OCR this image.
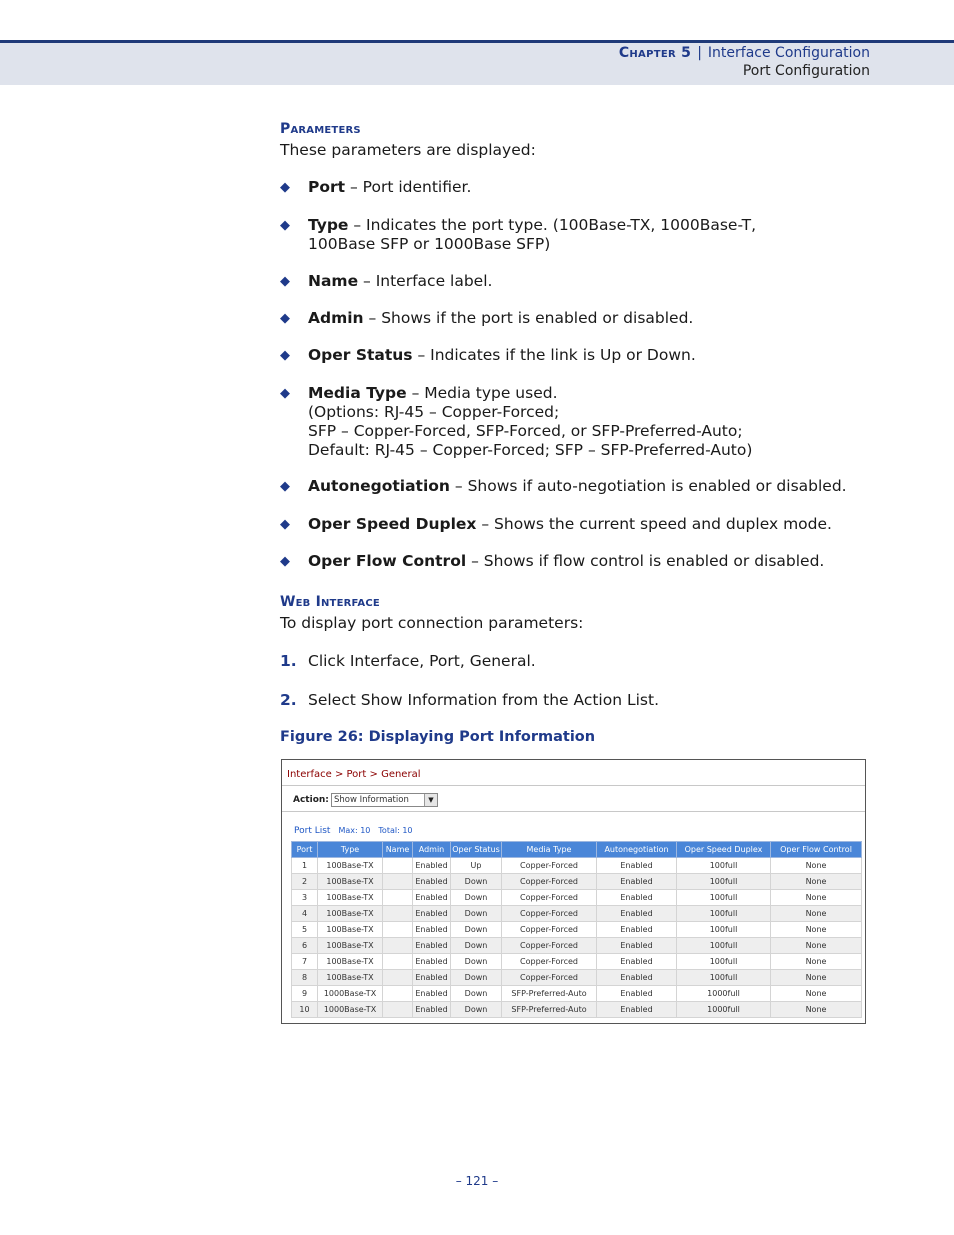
Chapter 5 | Interface Configuration
Port Configuration
Parameters
These parameters are displayed:
◆ Port – Port identifier.
◆ Type – Indicates the port type. (100Base-TX, 1000Base-T,
100Base SFP or 1000Base SFP)
◆ Name – Interface label.
◆ Admin – Shows if the port is enabled or disabled.
◆ Oper Status – Indicates if the link is Up or Down.
◆ Media Type – Media type used.
(Options: RJ-45 – Copper-Forced;
SFP – Copper-Forced, SFP-Forced, or SFP-Preferred-Auto;
Default: RJ-45 – Copper-Forced; SFP – SFP-Preferred-Auto)
◆ Autonegotiation – Shows if auto-negotiation is enabled or disabled.
◆ Oper Speed Duplex – Shows the current speed and duplex mode.
◆ Oper Flow Control – Shows if flow control is enabled or disabled.
Web Interface
To display port connection parameters:
1. Click Interface, Port, General.
2. Select Show Information from the Action List.
Figure 26: Displaying Port Information
Interface > Port > General
Action: Show Information	▼
Port List Max: 10 Total: 10
Port	Type	Name	Admin	Oper Status	Media Type	Autonegotiation	Oper Speed Duplex	Oper Flow Control
1	100Base-TX		Enabled	Up	Copper-Forced	Enabled	100full	None
2	100Base-TX		Enabled	Down	Copper-Forced	Enabled	100full	None
3	100Base-TX		Enabled	Down	Copper-Forced	Enabled	100full	None
4	100Base-TX		Enabled	Down	Copper-Forced	Enabled	100full	None
5	100Base-TX		Enabled	Down	Copper-Forced	Enabled	100full	None
6	100Base-TX		Enabled	Down	Copper-Forced	Enabled	100full	None
7	100Base-TX		Enabled	Down	Copper-Forced	Enabled	100full	None
8	100Base-TX		Enabled	Down	Copper-Forced	Enabled	100full	None
9	1000Base-TX		Enabled	Down	SFP-Preferred-Auto	Enabled	1000full	None
10	1000Base-TX		Enabled	Down	SFP-Preferred-Auto	Enabled	1000full	None
– 121 –
